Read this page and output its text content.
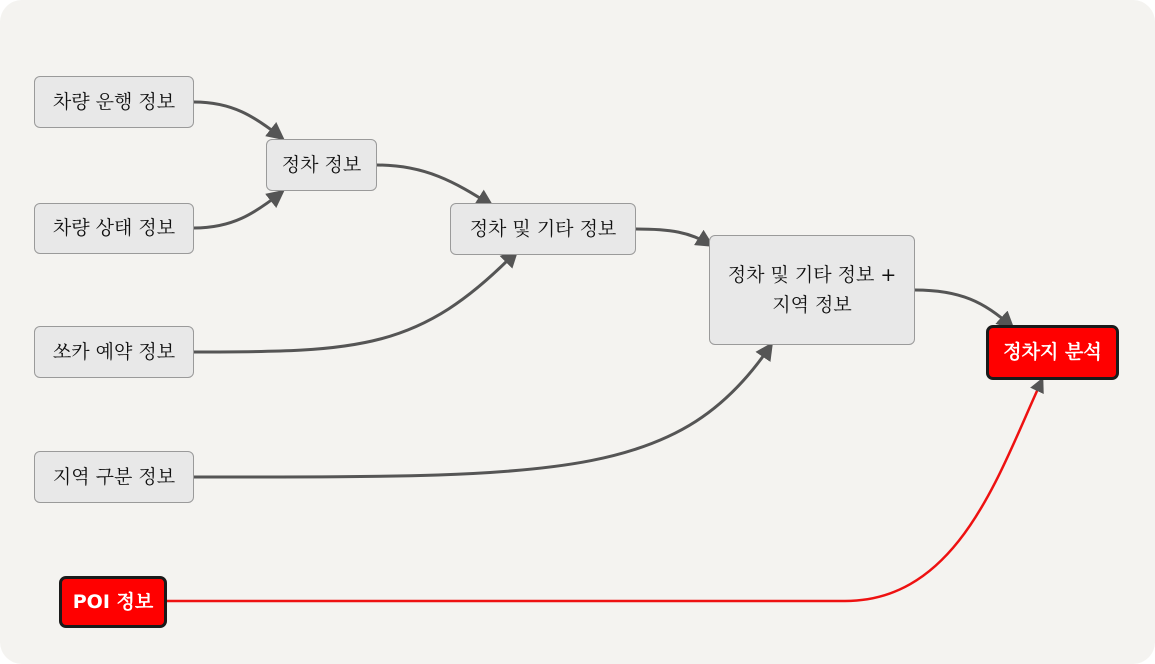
차량 운행 정보
차량 상태 정보
정차 정보
쏘카 예약 정보
정차 및 기타 정보
지역 구분 정보
정차 및 기타 정보 +
지역 정보
POI 정보
정차지 분석
